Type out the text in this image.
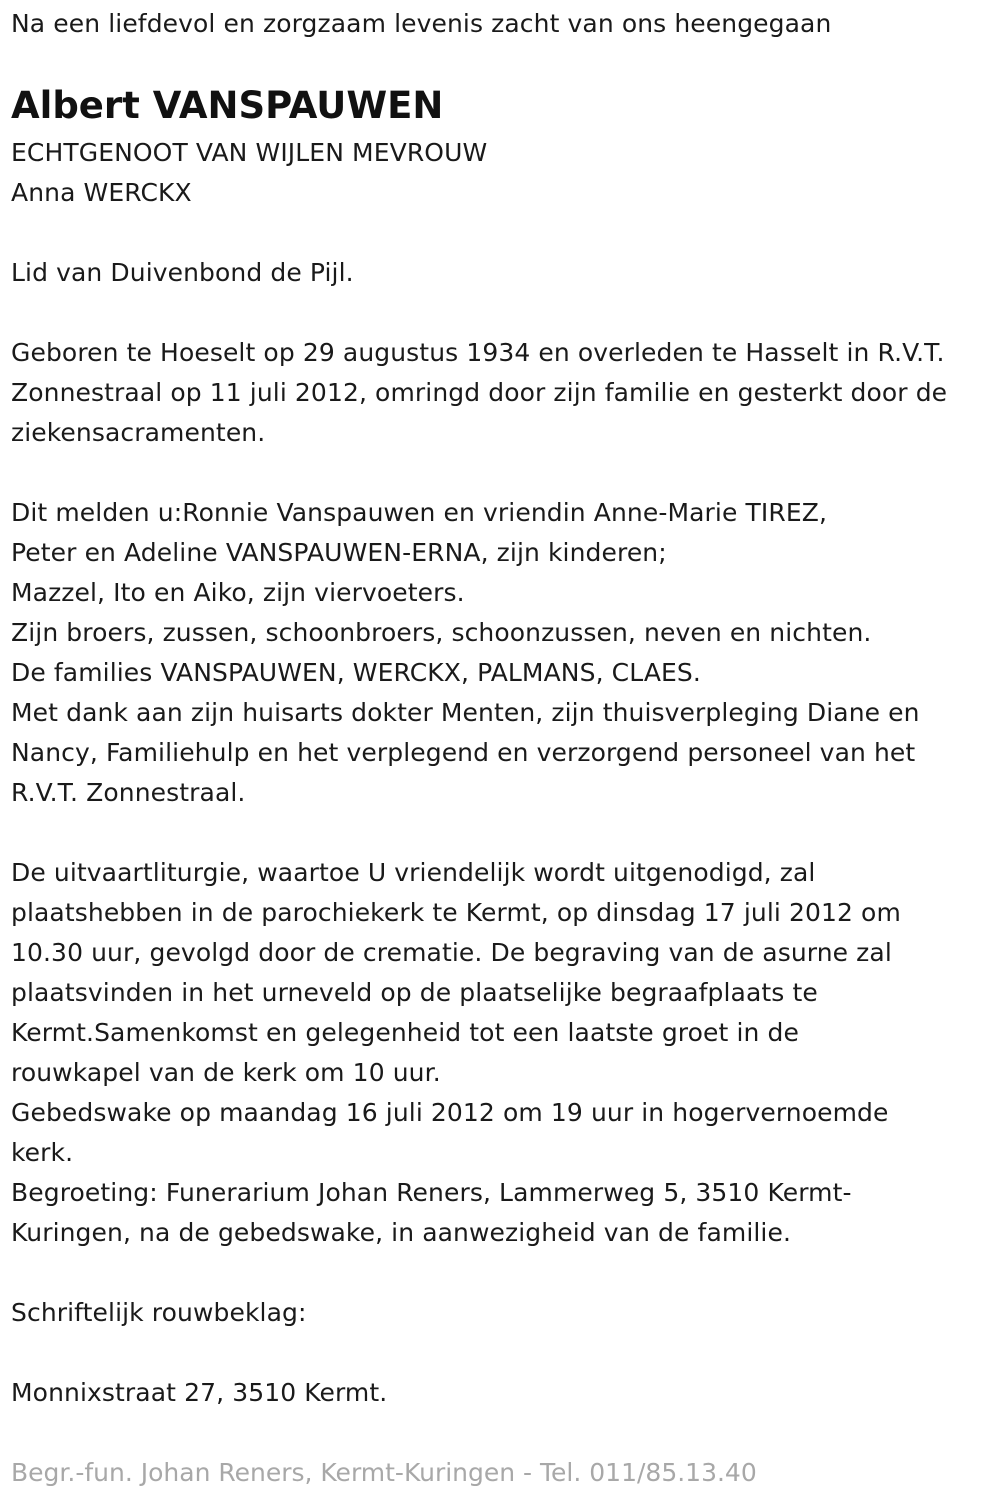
Na een liefdevol en zorgzaam levenis zacht van ons heengegaan
Albert VANSPAUWEN
ECHTGENOOT VAN WIJLEN MEVROUW
Anna WERCKX
Lid van Duivenbond de Pijl.
Geboren te Hoeselt op 29 augustus 1934 en overleden te Hasselt in R.V.T.
Zonnestraal op 11 juli 2012, omringd door zijn familie en gesterkt door de
ziekensacramenten.
Dit melden u:Ronnie Vanspauwen en vriendin Anne-Marie TIREZ,
Peter en Adeline VANSPAUWEN-ERNA, zijn kinderen;
Mazzel, Ito en Aiko, zijn viervoeters.
Zijn broers, zussen, schoonbroers, schoonzussen, neven en nichten.
De families VANSPAUWEN, WERCKX, PALMANS, CLAES.
Met dank aan zijn huisarts dokter Menten, zijn thuisverpleging Diane en
Nancy, Familiehulp en het verplegend en verzorgend personeel van het
R.V.T. Zonnestraal.
De uitvaartliturgie, waartoe U vriendelijk wordt uitgenodigd, zal
plaatshebben in de parochiekerk te Kermt, op dinsdag 17 juli 2012 om
10.30 uur, gevolgd door de crematie. De begraving van de asurne zal
plaatsvinden in het urneveld op de plaatselijke begraafplaats te
Kermt.Samenkomst en gelegenheid tot een laatste groet in de
rouwkapel van de kerk om 10 uur.
Gebedswake op maandag 16 juli 2012 om 19 uur in hogervernoemde
kerk.
Begroeting: Funerarium Johan Reners, Lammerweg 5, 3510 Kermt-
Kuringen, na de gebedswake, in aanwezigheid van de familie.
Schriftelijk rouwbeklag:
Monnixstraat 27, 3510 Kermt.
Begr.-fun. Johan Reners, Kermt-Kuringen - Tel. 011/85.13.40
